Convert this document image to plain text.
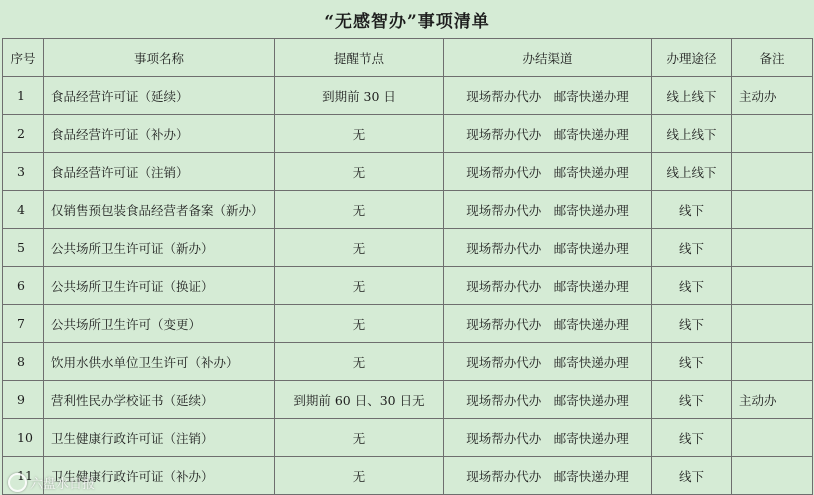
“无感智办”事项清单
序号	事项名称	提醒节点	办结渠道	办理途径	备注
1	食品经营许可证（延续）	到期前 30 日	现场帮办代办　邮寄快递办理	线上线下	主动办
2	食品经营许可证（补办）	无	现场帮办代办　邮寄快递办理	线上线下	
3	食品经营许可证（注销）	无	现场帮办代办　邮寄快递办理	线上线下	
4	仅销售预包装食品经营者备案（新办）	无	现场帮办代办　邮寄快递办理	线下	
5	公共场所卫生许可证（新办）	无	现场帮办代办　邮寄快递办理	线下	
6	公共场所卫生许可证（换证）	无	现场帮办代办　邮寄快递办理	线下	
7	公共场所卫生许可（变更）	无	现场帮办代办　邮寄快递办理	线下	
8	饮用水供水单位卫生许可（补办）	无	现场帮办代办　邮寄快递办理	线下	
9	营利性民办学校证书（延续）	到期前 60 日、30 日无	现场帮办代办　邮寄快递办理	线下	主动办
10	卫生健康行政许可证（注销）	无	现场帮办代办　邮寄快递办理	线下	
11	卫生健康行政许可证（补办）	无	现场帮办代办　邮寄快递办理	线下	
六盘水日报
